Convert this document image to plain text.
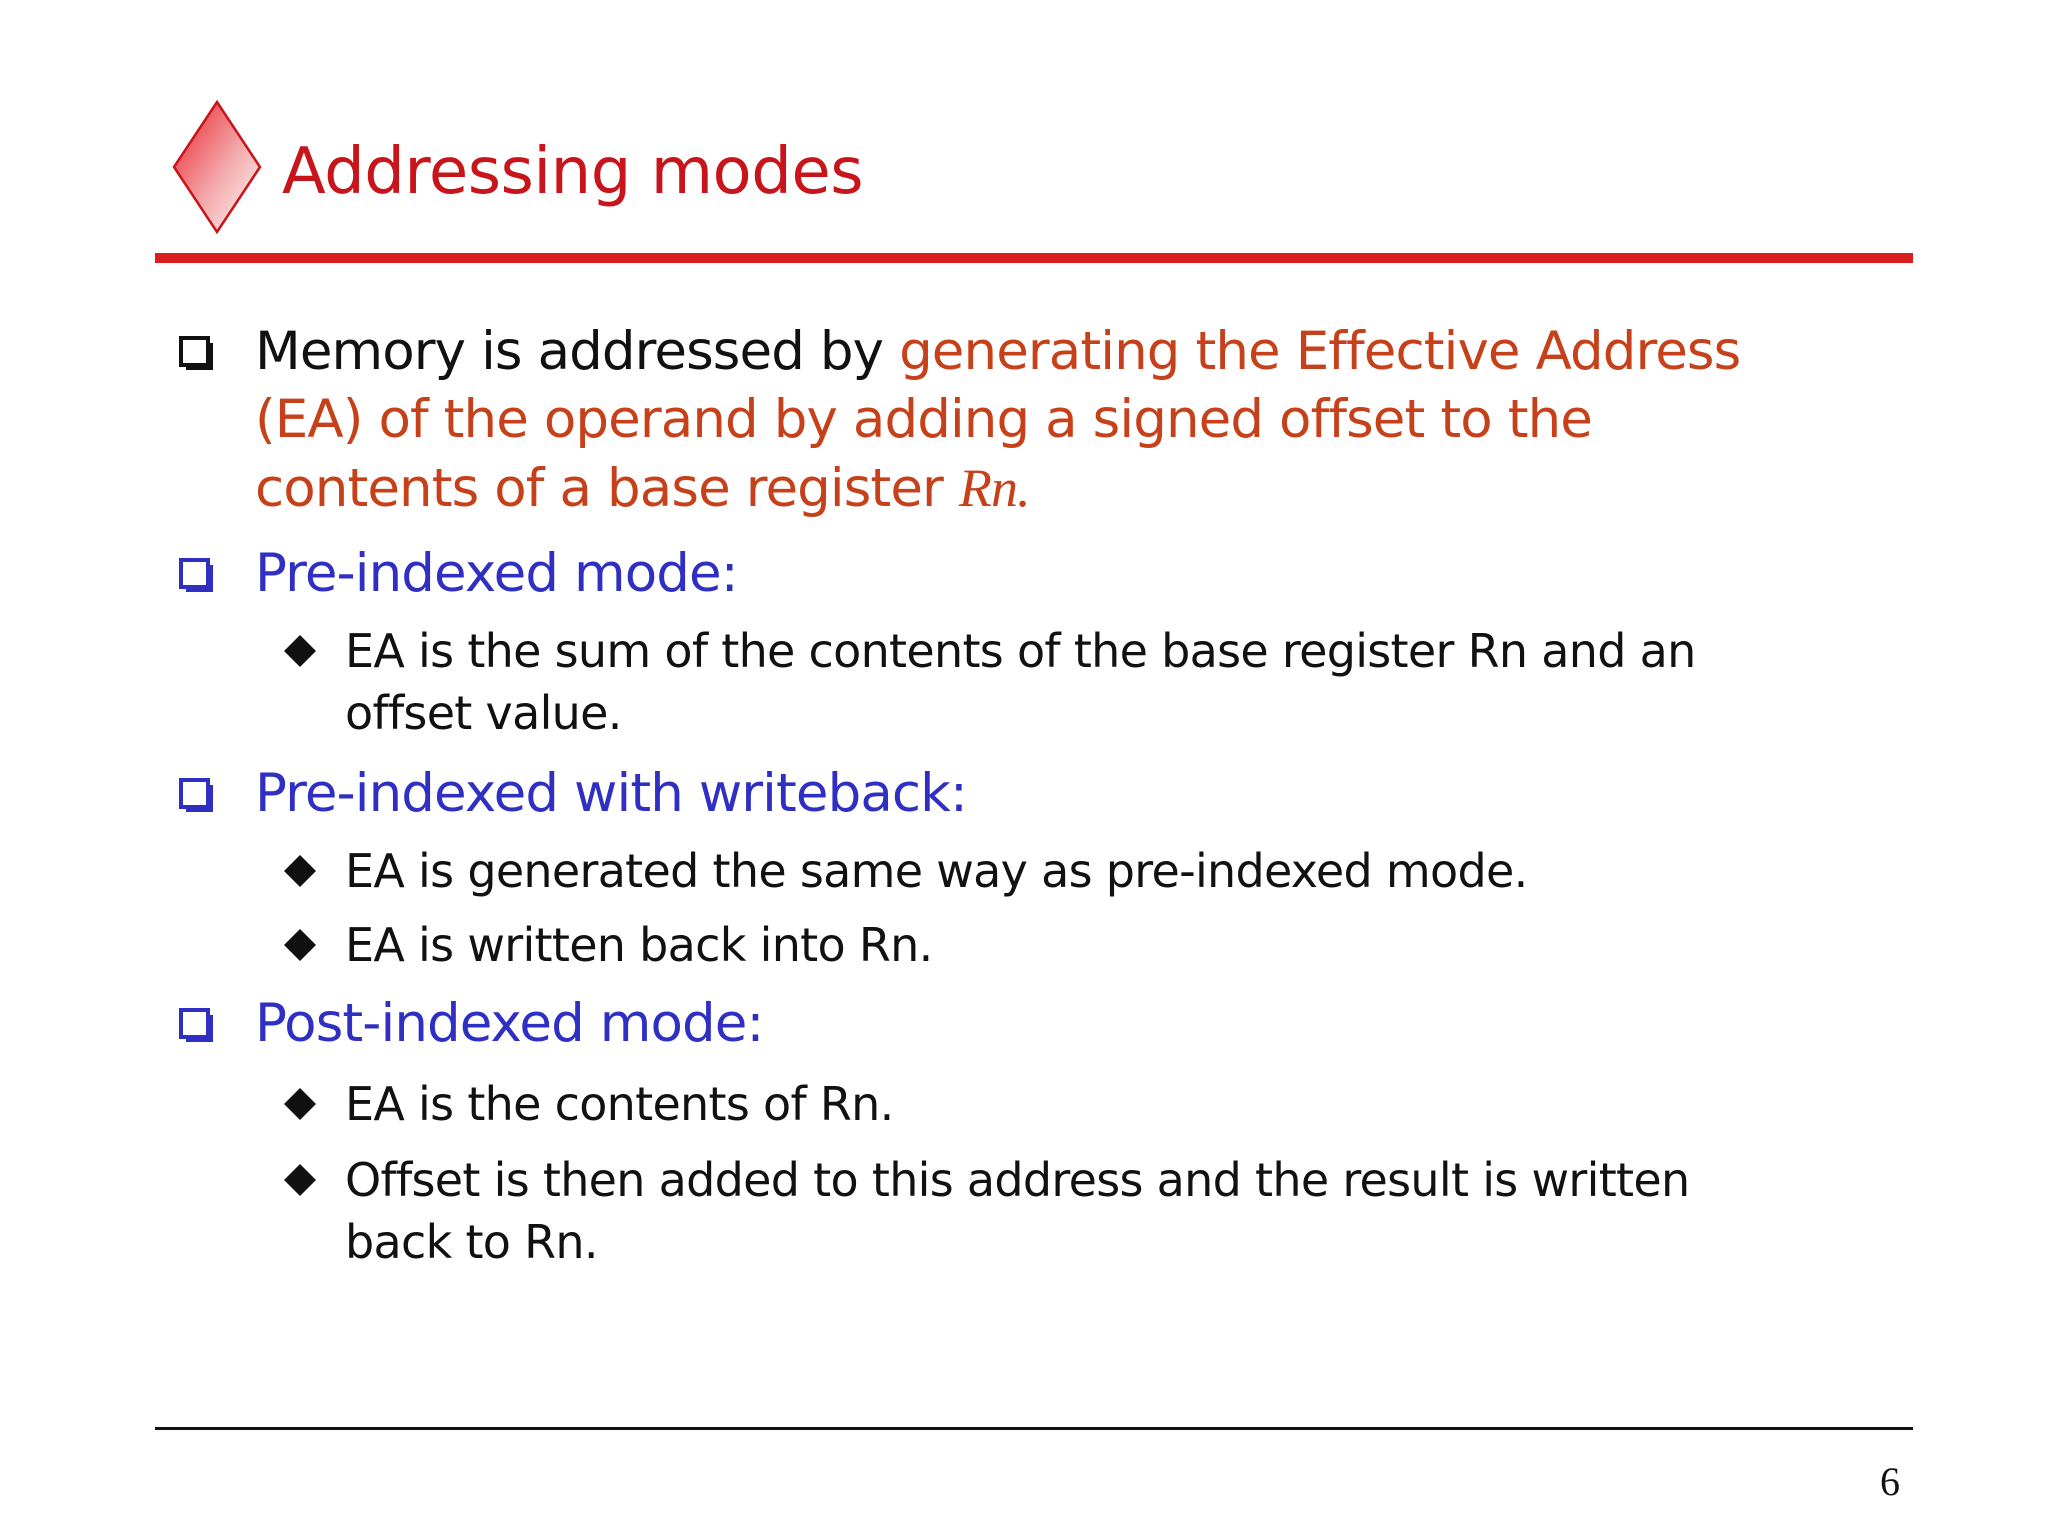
Addressing modes
Memory is addressed by generating the Effective Address
(EA) of the operand by adding a signed offset to the
contents of a base register Rn.
Pre-indexed mode:
EA is the sum of the contents of the base register Rn and an
offset value.
Pre-indexed with writeback:
EA is generated the same way as pre-indexed mode.
EA is written back into Rn.
Post-indexed mode:
EA is the contents of Rn.
Offset is then added to this address and the result is written
back to Rn.
6
